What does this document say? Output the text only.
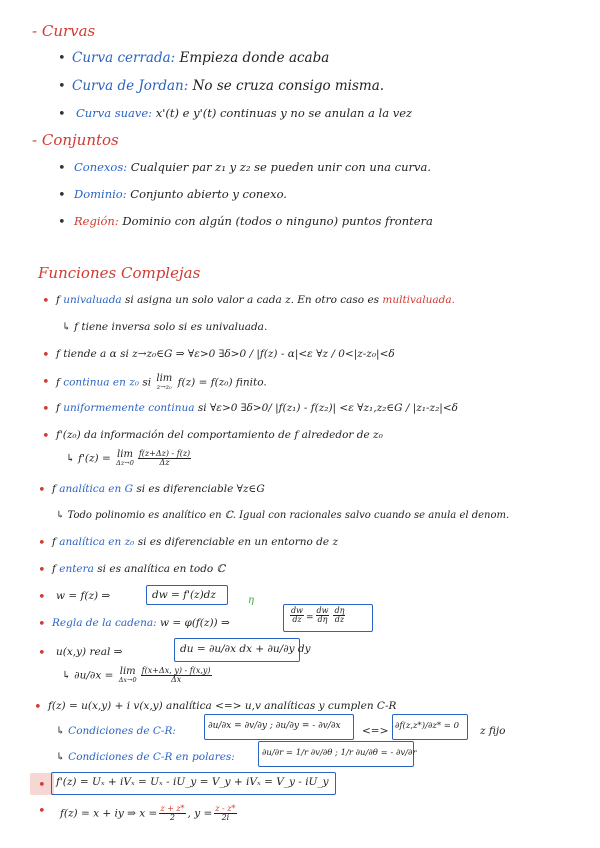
- Curvas
• Curva cerrada: Empieza donde acaba
• Curva de Jordan: No se cruza consigo misma.
• Curva suave: x'(t) e y'(t) continuas y no se anulan a la vez
- Conjuntos
• Conexos: Cualquier par z₁ y z₂ se pueden unir con una curva.
• Dominio: Conjunto abierto y conexo.
• Región: Dominio con algún (todos o ninguno) puntos frontera
Funciones Complejas
• f univaluada si asigna un solo valor a cada z. En otro caso es multivaluada.
↳ f tiene inversa solo si es univaluada.
• f tiende a α si z→z₀∈G ⇒ ∀ε>0 ∃δ>0 / |f(z) - α|<ε ∀z / 0<|z-z₀|<δ
• f continua en z₀ si lim
z→z₀ f(z) = f(z₀) finito.
• f uniformemente continua si ∀ε>0 ∃δ>0/ |f(z₁) - f(z₂)| <ε ∀z₁,z₂∈G / |z₁-z₂|<δ
• f'(z₀) da información del comportamiento de f alrededor de z₀
↳ f'(z) = lim
$\Delta z\to 0 \frac{f(z+\Delta z) - f(z)}{\Delta z}$
• f analítica en G si es diferenciable ∀z∈G
↳ Todo polinomio es analítico en ℂ. Igual con racionales salvo cuando se anula el denom.
• f analítica en z₀ si es diferenciable en un entorno de z
• f entera si es analítica en todo ℂ
• w = f(z) ⇒	dw = f'(z)dz
• Regla de la cadena: w = φ(f(z)) ⇒
η
$\frac{dw}{dz} = \frac{dw}{d\eta} \frac{d\eta}{dz}$
• u(x,y) real ⇒	du = ∂u/∂x dx + ∂u/∂y dy
↳ ∂u/∂x = lim
$\Delta x\to 0 \frac{f(x+\Delta x, y) - f(x,y)}{\Delta x}$
• f(z) = u(x,y) + i v(x,y) analítica <=> u,v analíticas y cumplen C-R
↳ Condiciones de C-R:	∂u/∂x = ∂v/∂y ; ∂u/∂y = - ∂v/∂x <=> ∂f(z,z*)/∂z* = 0 z fijo
↳ Condiciones de C-R en polares:	∂u/∂r = 1/r ∂v/∂θ ; 1/r ∂u/∂θ = - ∂v/∂r
• f'(z) = Uₓ + iVₓ = Uₓ - iU_y = V_y + iVₓ = V_y - iU_y
• f(z) = x + iy ⇒ $x = \frac{z + z*}{2}$ , $y = \frac{z - z*}{2i}$
